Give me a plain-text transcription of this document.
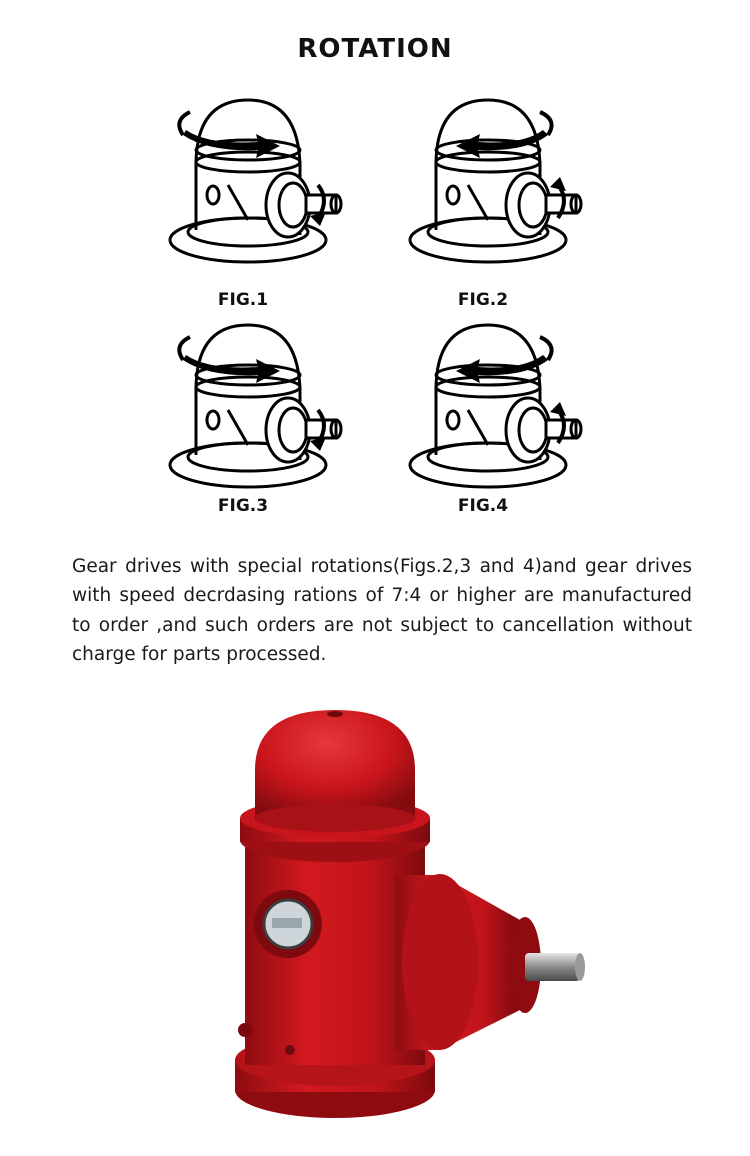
ROTATION
FIG.1	FIG.2
FIG.3	FIG.4

Gear drives with special rotations(Figs.2,3 and 4)and gear drives with speed decrdasing rations of 7:4 or higher are manufactured to order ,and such orders are not subject to cancellation without charge for parts processed.
